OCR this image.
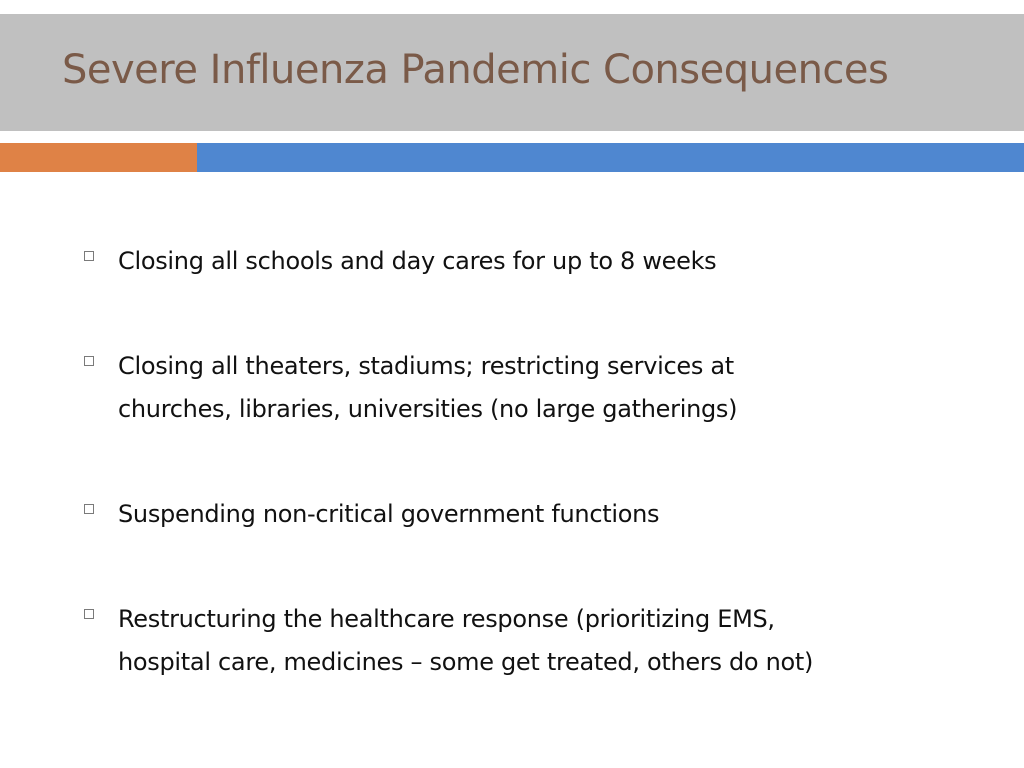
Severe Influenza Pandemic Consequences
Closing all schools and day cares for up to 8 weeks
Closing all theaters, stadiums; restricting services at
churches, libraries, universities (no large gatherings)
Suspending non-critical government functions
Restructuring the healthcare response (prioritizing EMS,
hospital care, medicines – some get treated, others do not)
